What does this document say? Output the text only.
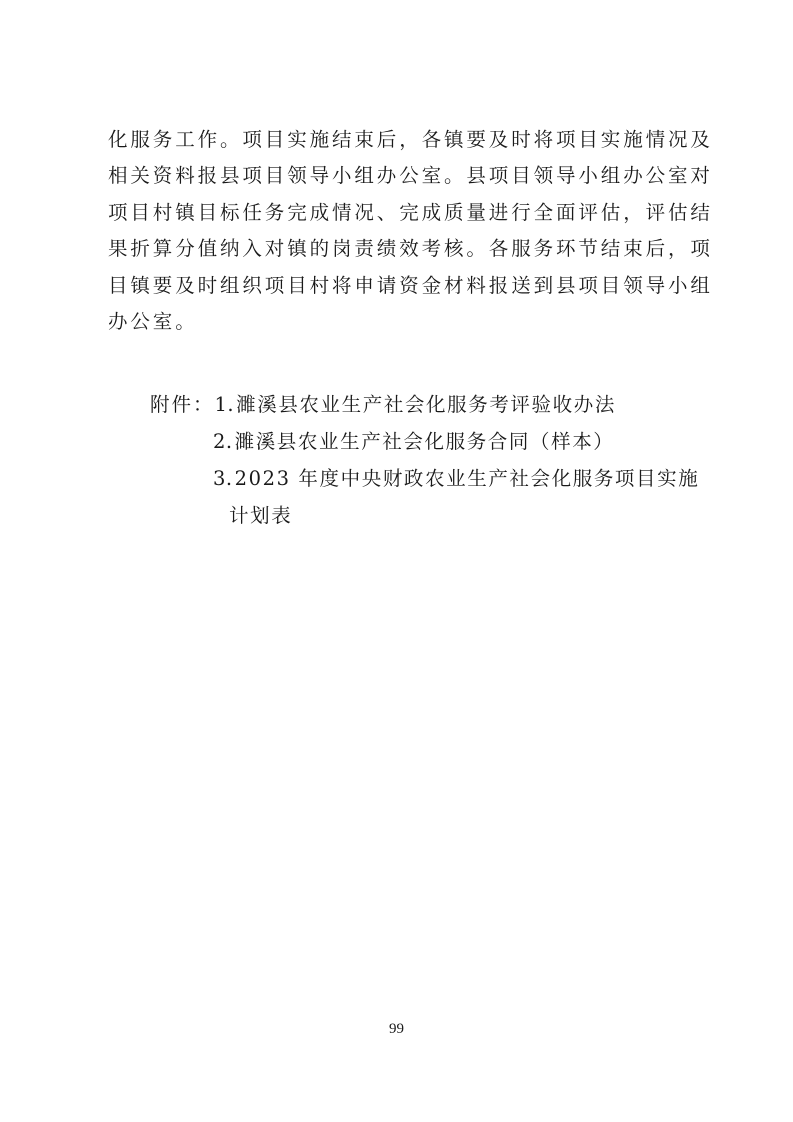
化服务工作。项目实施结束后，各镇要及时将项目实施情况及
相关资料报县项目领导小组办公室。县项目领导小组办公室对
项目村镇目标任务完成情况、完成质量进行全面评估，评估结
果折算分值纳入对镇的岗责绩效考核。各服务环节结束后，项
目镇要及时组织项目村将申请资金材料报送到县项目领导小组
办公室。
附件：1. 濉溪县农业生产社会化服务考评验收办法
2. 濉溪县农业生产社会化服务合同（样本）
3. 2023 年度中央财政农业生产社会化服务项目实施
计划表
99
